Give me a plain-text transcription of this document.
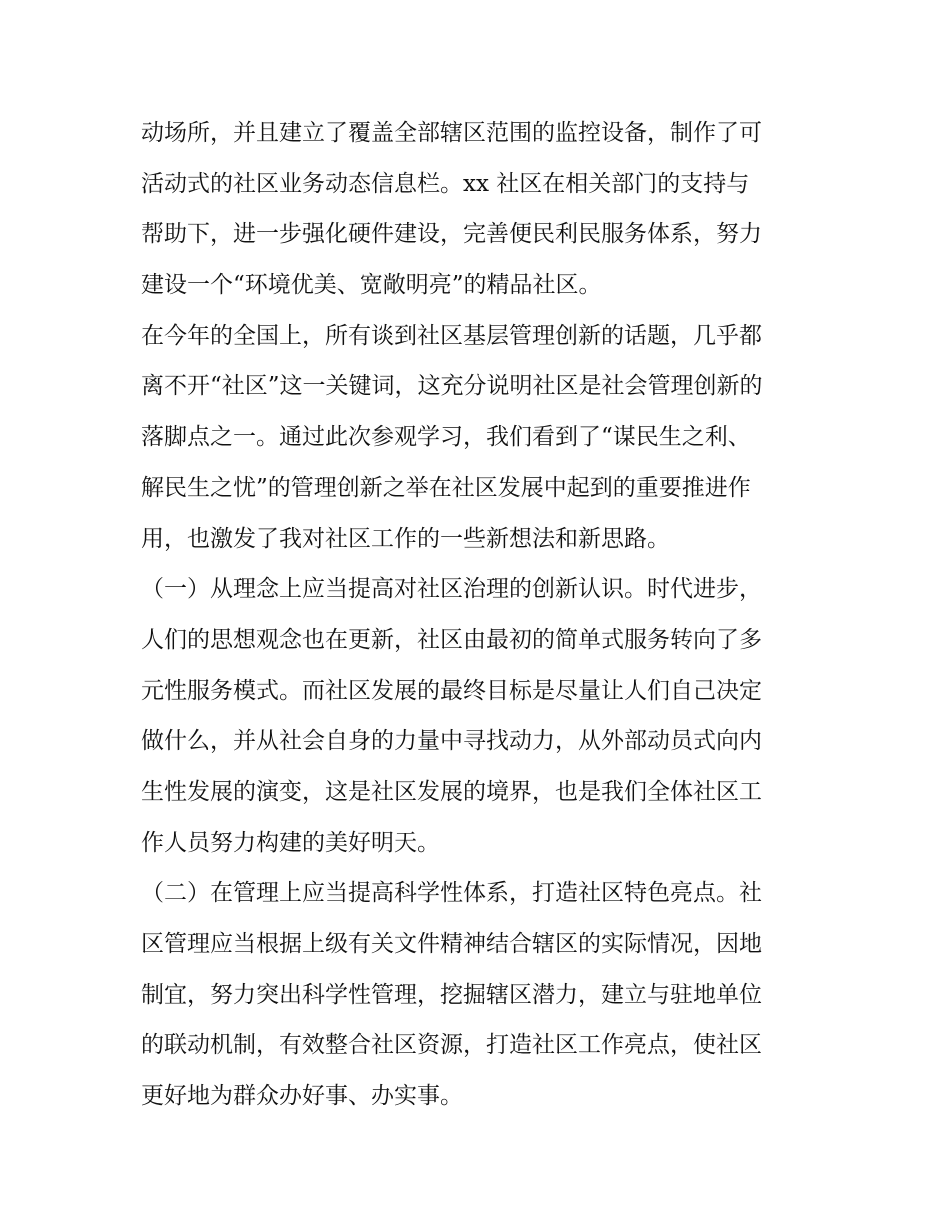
动场所，并且建立了覆盖全部辖区范围的监控设备，制作了可
活动式的社区业务动态信息栏。xx 社区在相关部门的支持与
帮助下，进一步强化硬件建设，完善便民利民服务体系，努力
建设一个“环境优美、宽敞明亮”的精品社区。
在今年的全国上，所有谈到社区基层管理创新的话题，几乎都
离不开“社区”这一关键词，这充分说明社区是社会管理创新的
落脚点之一。通过此次参观学习，我们看到了“谋民生之利、
解民生之忧”的管理创新之举在社区发展中起到的重要推进作
用，也激发了我对社区工作的一些新想法和新思路。
（一）从理念上应当提高对社区治理的创新认识。时代进步，
人们的思想观念也在更新，社区由最初的简单式服务转向了多
元性服务模式。而社区发展的最终目标是尽量让人们自己决定
做什么，并从社会自身的力量中寻找动力，从外部动员式向内
生性发展的演变，这是社区发展的境界，也是我们全体社区工
作人员努力构建的美好明天。
（二）在管理上应当提高科学性体系，打造社区特色亮点。社
区管理应当根据上级有关文件精神结合辖区的实际情况，因地
制宜，努力突出科学性管理，挖掘辖区潜力，建立与驻地单位
的联动机制，有效整合社区资源，打造社区工作亮点，使社区
更好地为群众办好事、办实事。
